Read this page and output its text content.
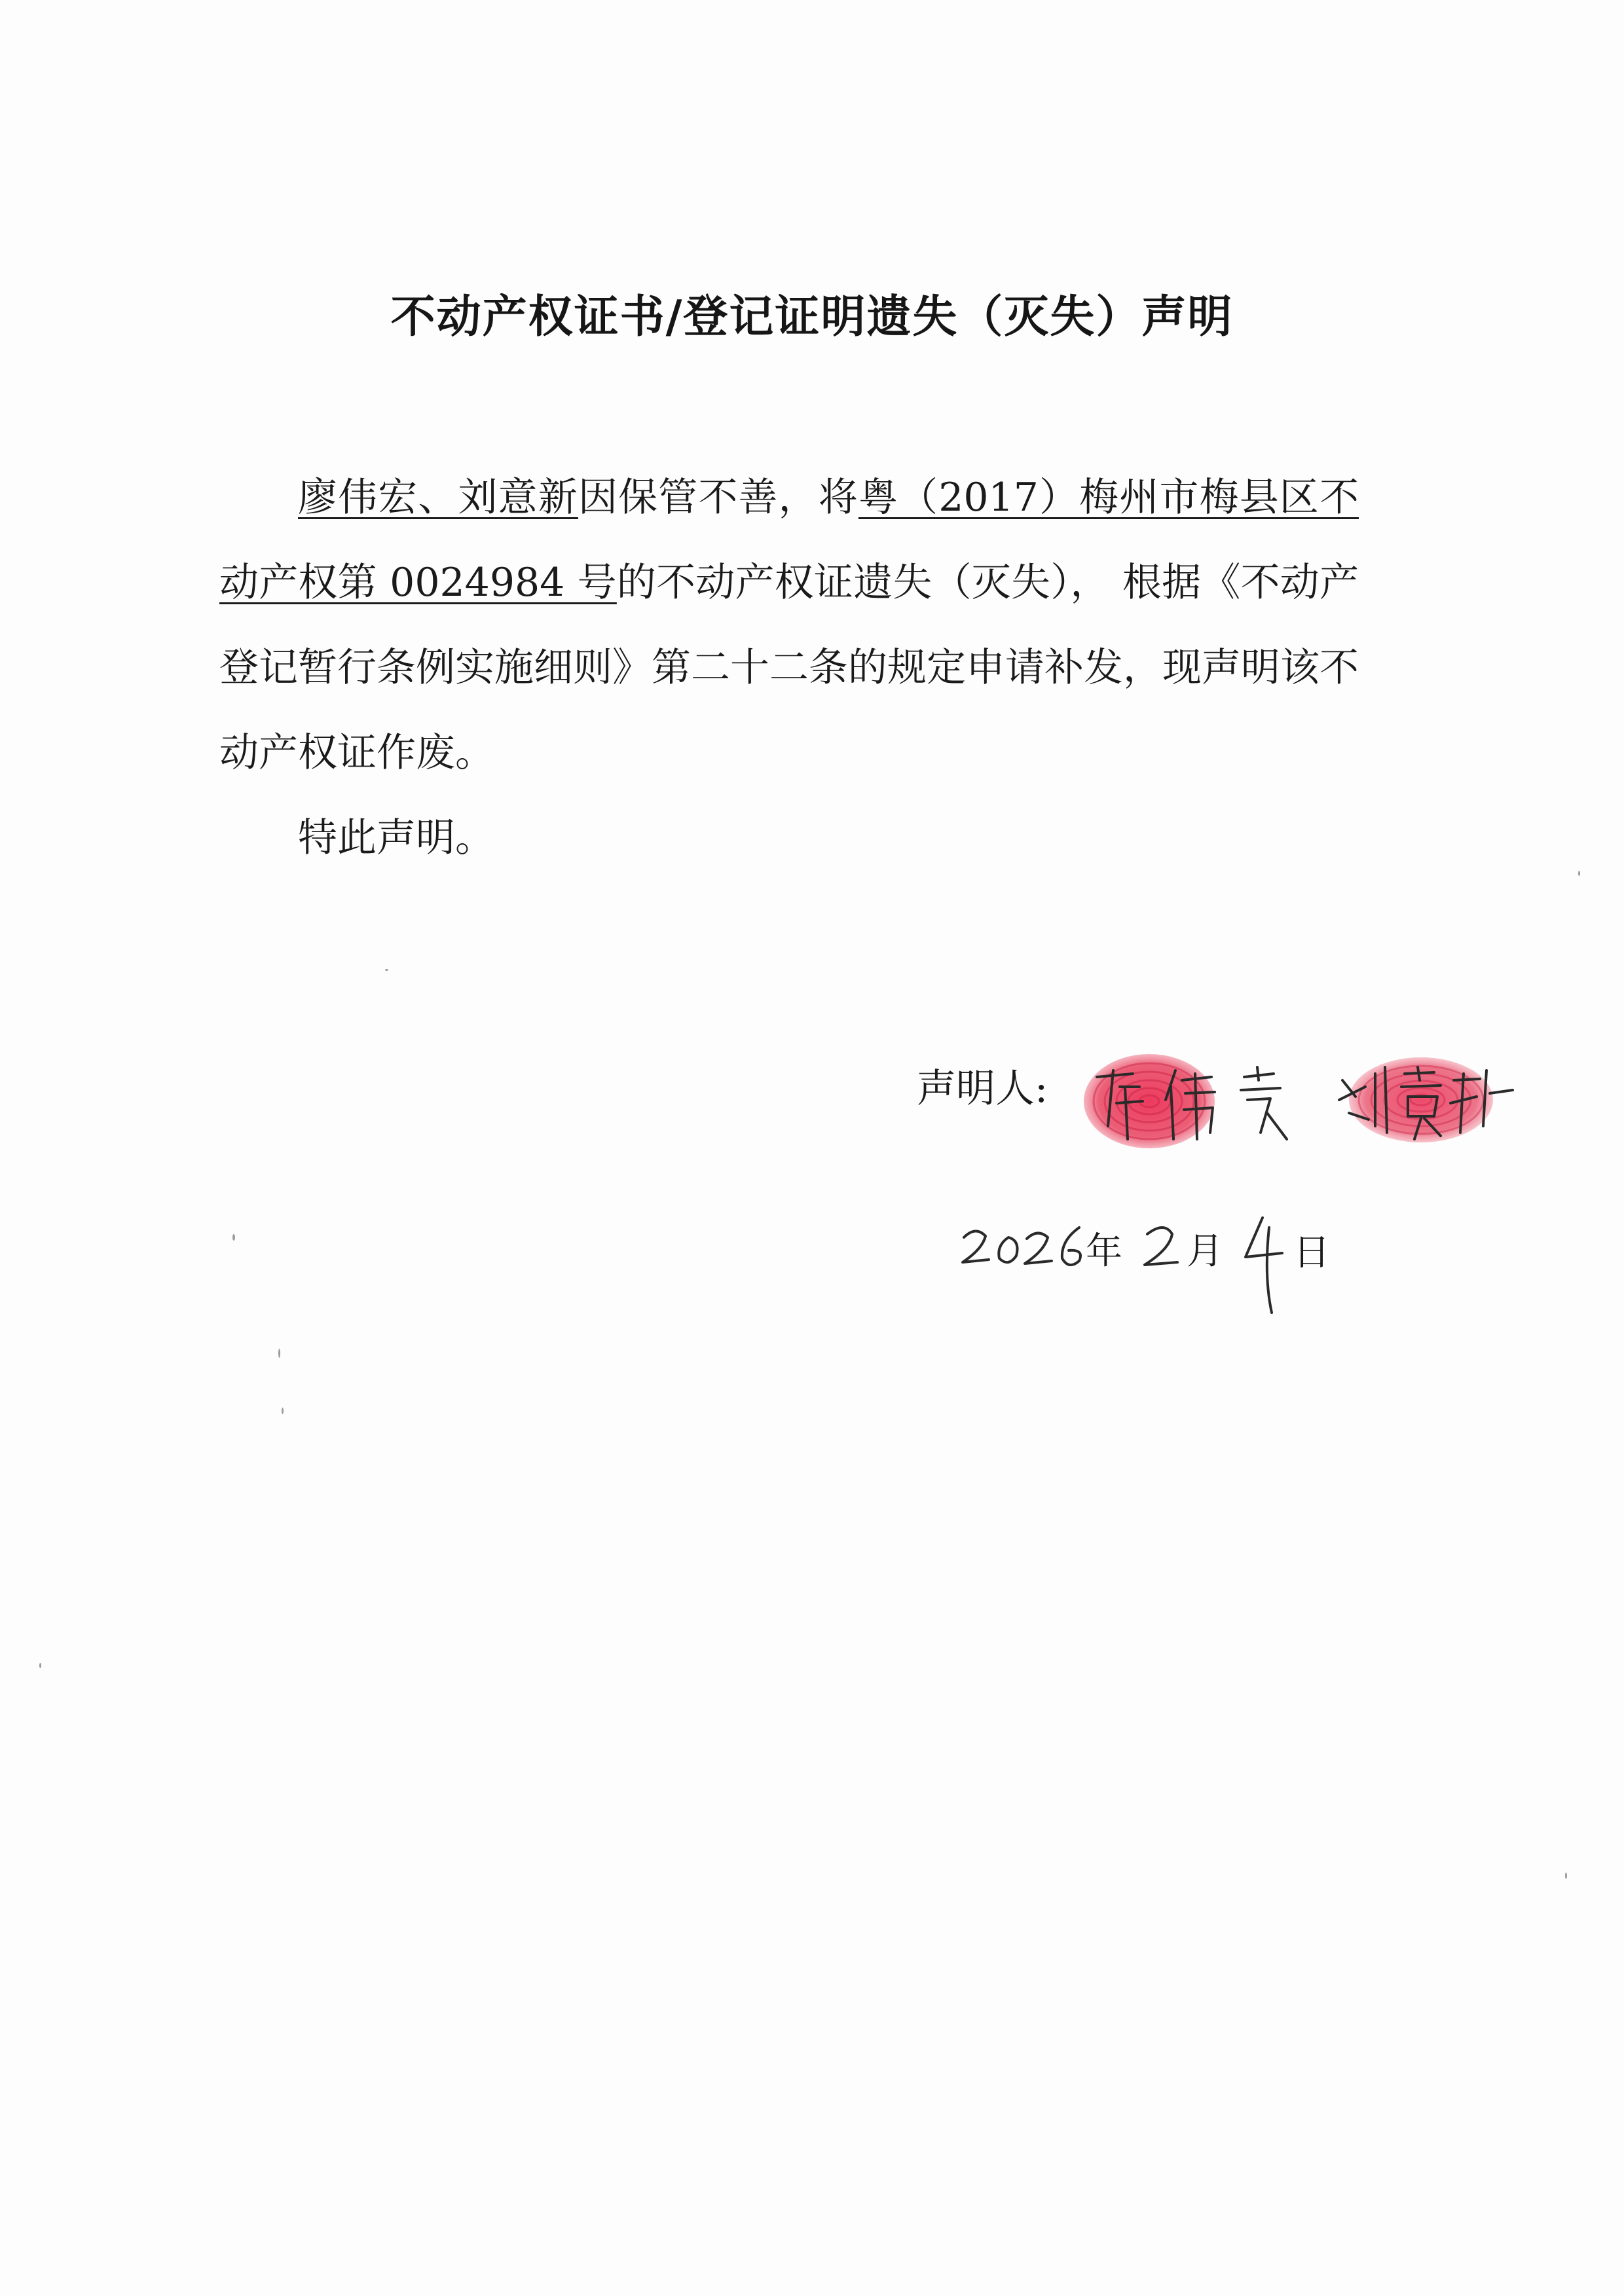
不动产权证书/登记证明遗失（灭失）声明

廖伟宏、刘意新因保管不善，将粤（2017）梅州市梅县区不动产权第 0024984 号的不动产权证遗失（灭失）， 根据《不动产登记暂行条例实施细则》第二十二条的规定申请补发，现声明该不动产权证作废。

特此声明。

声明人:
年 月 日
